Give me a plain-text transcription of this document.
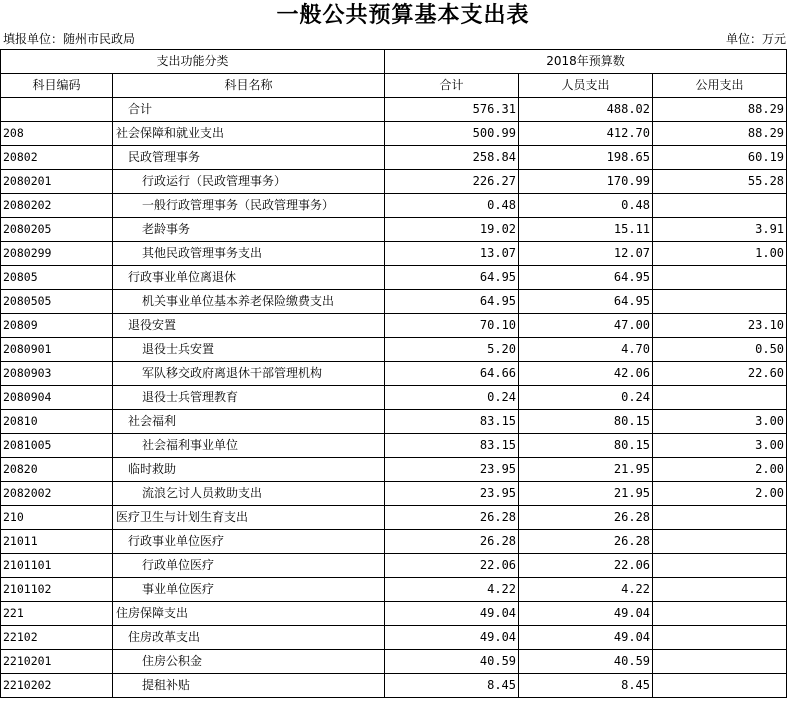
一般公共预算基本支出表
填报单位：随州市民政局	单位：万元
支出功能分类		2018年预算数		
科目编码	科目名称	合计	人员支出	公用支出
	合计	576.31	488.02	88.29
208	社会保障和就业支出	500.99	412.70	88.29
20802	民政管理事务	258.84	198.65	60.19
2080201	行政运行（民政管理事务）	226.27	170.99	55.28
2080202	一般行政管理事务（民政管理事务）	0.48	0.48	
2080205	老龄事务	19.02	15.11	3.91
2080299	其他民政管理事务支出	13.07	12.07	1.00
20805	行政事业单位离退休	64.95	64.95	
2080505	机关事业单位基本养老保险缴费支出	64.95	64.95	
20809	退役安置	70.10	47.00	23.10
2080901	退役士兵安置	5.20	4.70	0.50
2080903	军队移交政府离退休干部管理机构	64.66	42.06	22.60
2080904	退役士兵管理教育	0.24	0.24	
20810	社会福利	83.15	80.15	3.00
2081005	社会福利事业单位	83.15	80.15	3.00
20820	临时救助	23.95	21.95	2.00
2082002	流浪乞讨人员救助支出	23.95	21.95	2.00
210	医疗卫生与计划生育支出	26.28	26.28	
21011	行政事业单位医疗	26.28	26.28	
2101101	行政单位医疗	22.06	22.06	
2101102	事业单位医疗	4.22	4.22	
221	住房保障支出	49.04	49.04	
22102	住房改革支出	49.04	49.04	
2210201	住房公积金	40.59	40.59	
2210202	提租补贴	8.45	8.45	
